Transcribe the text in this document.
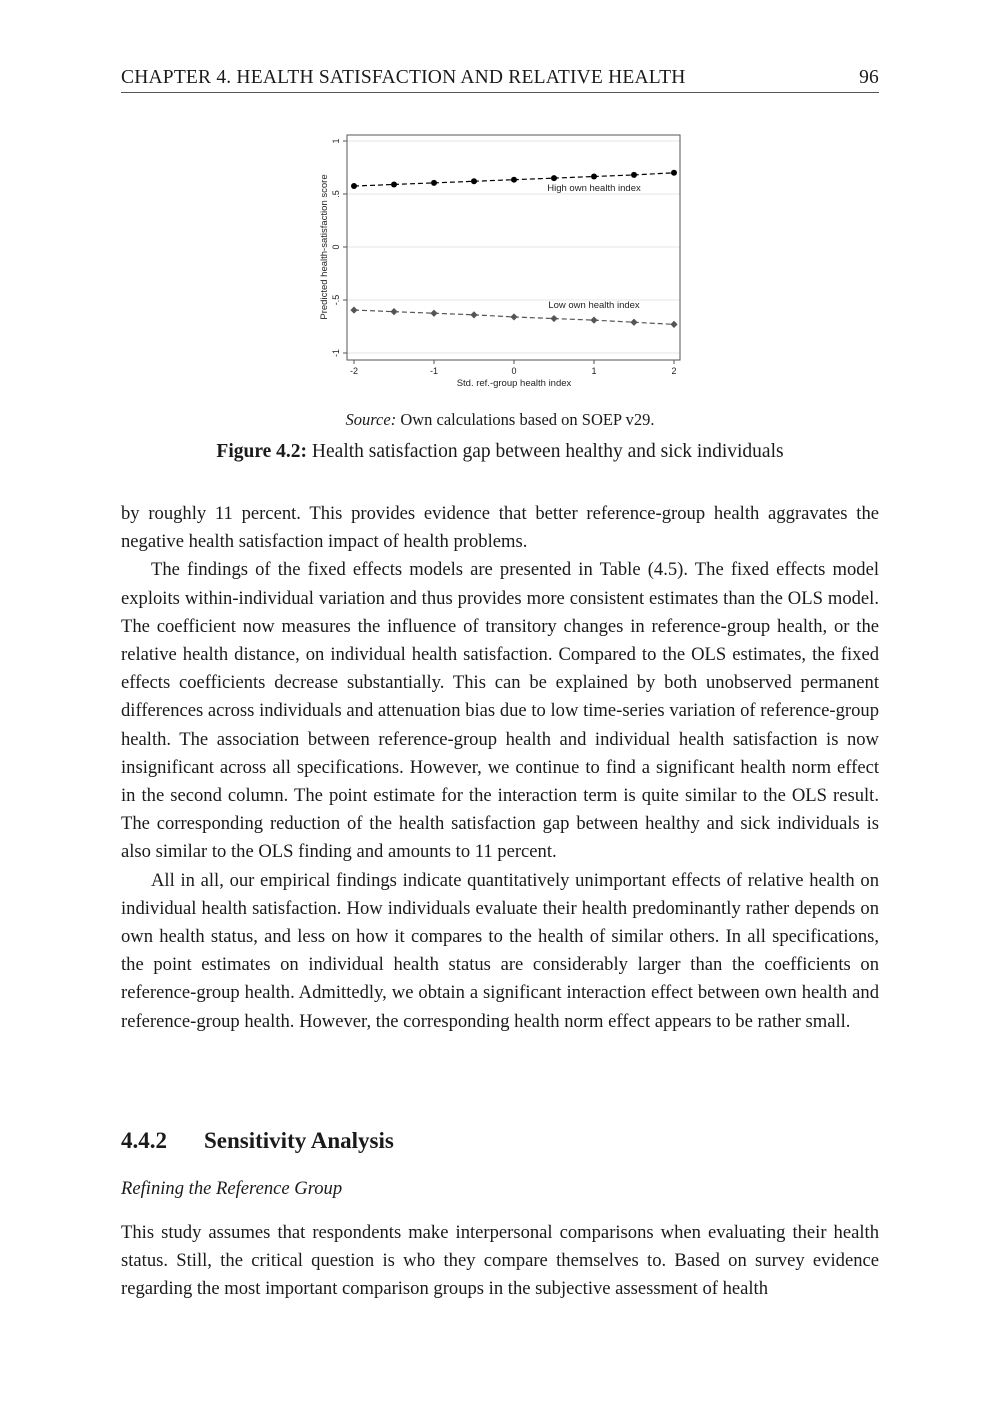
CHAPTER 4. HEALTH SATISFACTION AND RELATIVE HEALTH	96
-1
-.5
0
.5
1
-2	-1	0	1	2
High own health index
Low own health index
Predicted health-satisfaction score
Std. ref.-group health index
Source: Own calculations based on SOEP v29.
Figure 4.2: Health satisfaction gap between healthy and sick individuals

by roughly 11 percent. This provides evidence that better reference-group health aggravates the negative health satisfaction impact of health problems.

The findings of the fixed effects models are presented in Table (4.5). The fixed effects model exploits within-individual variation and thus provides more consistent estimates than the OLS model. The coefficient now measures the influence of transitory changes in reference-group health, or the relative health distance, on individual health satisfaction. Compared to the OLS estimates, the fixed effects coefficients decrease substantially. This can be explained by both unobserved permanent differences across individuals and attenuation bias due to low time-series variation of reference-group health. The association between reference-group health and individual health satisfaction is now insignificant across all specifications. However, we continue to find a significant health norm effect in the second column. The point estimate for the interaction term is quite similar to the OLS result. The corresponding reduction of the health satisfaction gap between healthy and sick individuals is also similar to the OLS finding and amounts to 11 percent.

All in all, our empirical findings indicate quantitatively unimportant effects of relative health on individual health satisfaction. How individuals evaluate their health predominantly rather depends on own health status, and less on how it compares to the health of similar others. In all specifications, the point estimates on individual health status are considerably larger than the coefficients on reference-group health. Admittedly, we obtain a significant interaction effect between own health and reference-group health. However, the corresponding health norm effect appears to be rather small.

4.4.2 Sensitivity Analysis
Refining the Reference Group

This study assumes that respondents make interpersonal comparisons when evaluating their health status. Still, the critical question is who they compare themselves to. Based on survey evidence regarding the most important comparison groups in the subjective assessment of health
